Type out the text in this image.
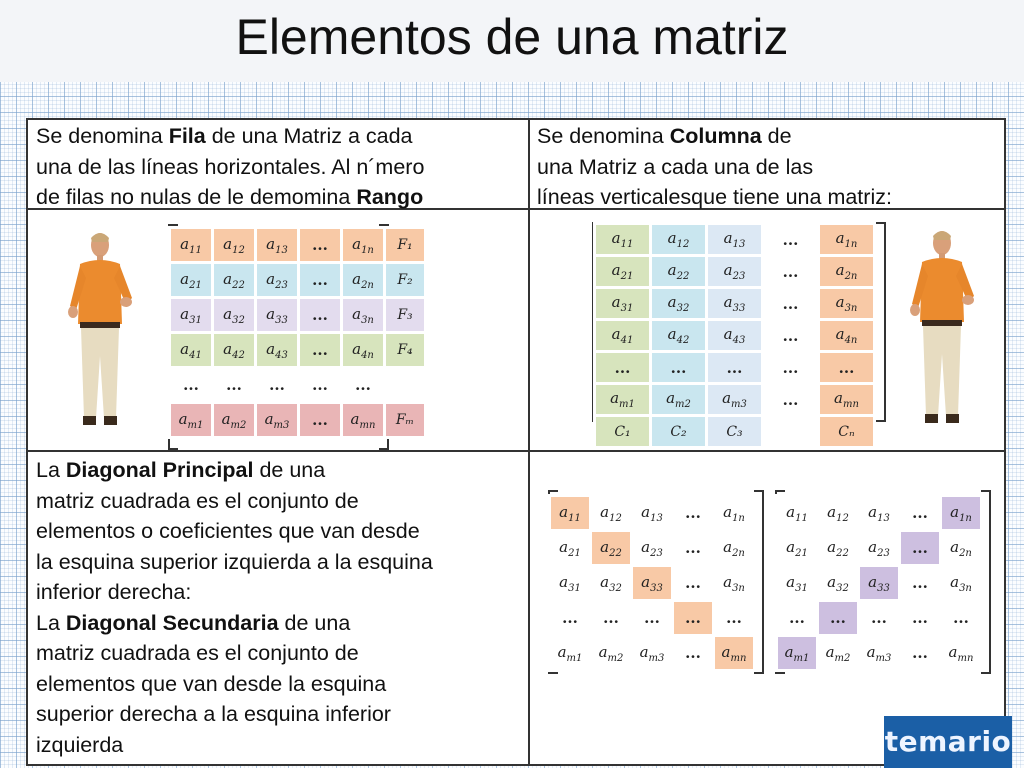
Elementos de una matriz
Se denomina Fila de una Matriz a cada
una de las líneas horizontales. Al n´mero
de filas no nulas de le demomina Rango
Se denomina Columna de
una Matriz a cada una de las
líneas verticalesque tiene una matriz:
La Diagonal Principal de una
matriz cuadrada es el conjunto de
elementos o coeficientes que van desde
la esquina superior izquierda a la esquina
inferior derecha:
La Diagonal Secundaria de una
matriz cuadrada es el conjunto de
elementos que van desde la esquina
superior derecha a la esquina inferior
izquierda
$a_{11}$	$a_{12}$	$a_{13}$	...	$a_{1n}$	F₁
$a_{21}$	$a_{22}$	$a_{23}$	...	$a_{2n}$	F₂
$a_{31}$	$a_{32}$	$a_{33}$	...	$a_{3n}$	F₃
$a_{41}$	$a_{42}$	$a_{43}$	...	$a_{4n}$	F₄
...	...	...	...	...	
$a_{m1}$	$a_{m2}$	$a_{m3}$	...	$a_{mn}$	Fₘ
$a_{11}$	$a_{12}$	$a_{13}$	...	$a_{1n}$
$a_{21}$	$a_{22}$	$a_{23}$	...	$a_{2n}$
$a_{31}$	$a_{32}$	$a_{33}$	...	$a_{3n}$
$a_{41}$	$a_{42}$	$a_{43}$	...	$a_{4n}$
...	...	...	...	...
$a_{m1}$	$a_{m2}$	$a_{m3}$	...	$a_{mn}$
C₁	C₂	C₃		Cₙ
$a_{11}$	$a_{12}$	$a_{13}$	...	$a_{1n}$
$a_{21}$	$a_{22}$	$a_{23}$	...	$a_{2n}$
$a_{31}$	$a_{32}$	$a_{33}$	...	$a_{3n}$
...	...	...	...	...
$a_{m1}$	$a_{m2}$	$a_{m3}$	...	$a_{mn}$
$a_{11}$	$a_{12}$	$a_{13}$	...	$a_{1n}$
$a_{21}$	$a_{22}$	$a_{23}$	...	$a_{2n}$
$a_{31}$	$a_{32}$	$a_{33}$	...	$a_{3n}$
...	...	...	...	...
$a_{m1}$	$a_{m2}$	$a_{m3}$	...	$a_{mn}$
temario
